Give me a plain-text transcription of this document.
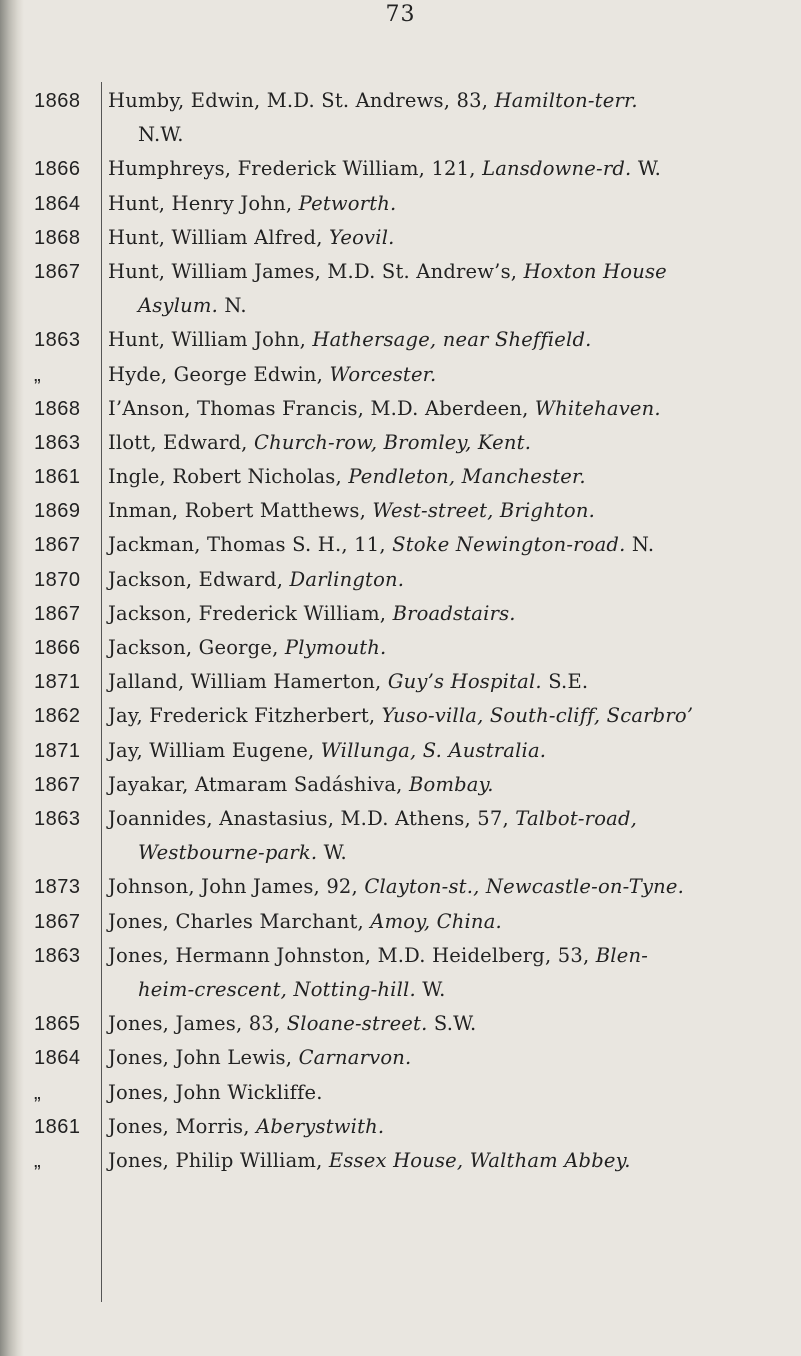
73
1868	Humby, Edwin, M.D. St. Andrews, 83, Hamilton-terr.
N.W.
1866	Humphreys, Frederick William, 121, Lansdowne-rd. W.
1864	Hunt, Henry John, Petworth.
1868	Hunt, William Alfred, Yeovil.
1867	Hunt, William James, M.D. St. Andrew’s, Hoxton House
Asylum. N.
1863	Hunt, William John, Hathersage, near Sheffield.
„	Hyde, George Edwin, Worcester.
1868	I’Anson, Thomas Francis, M.D. Aberdeen, Whitehaven.
1863	Ilott, Edward, Church-row, Bromley, Kent.
1861	Ingle, Robert Nicholas, Pendleton, Manchester.
1869	Inman, Robert Matthews, West-street, Brighton.
1867	Jackman, Thomas S. H., 11, Stoke Newington-road. N.
1870	Jackson, Edward, Darlington.
1867	Jackson, Frederick William, Broadstairs.
1866	Jackson, George, Plymouth.
1871	Jalland, William Hamerton, Guy’s Hospital. S.E.
1862	Jay, Frederick Fitzherbert, Yuso-villa, South-cliff, Scarbro’
1871	Jay, William Eugene, Willunga, S. Australia.
1867	Jayakar, Atmaram Sadáshiva, Bombay.
1863	Joannides, Anastasius, M.D. Athens, 57, Talbot-road,
Westbourne-park. W.
1873	Johnson, John James, 92, Clayton-st., Newcastle-on-Tyne.
1867	Jones, Charles Marchant, Amoy, China.
1863	Jones, Hermann Johnston, M.D. Heidelberg, 53, Blen-
heim-crescent, Notting-hill. W.
1865	Jones, James, 83, Sloane-street. S.W.
1864	Jones, John Lewis, Carnarvon.
„	Jones, John Wickliffe.
1861	Jones, Morris, Aberystwith.
„	Jones, Philip William, Essex House, Waltham Abbey.
